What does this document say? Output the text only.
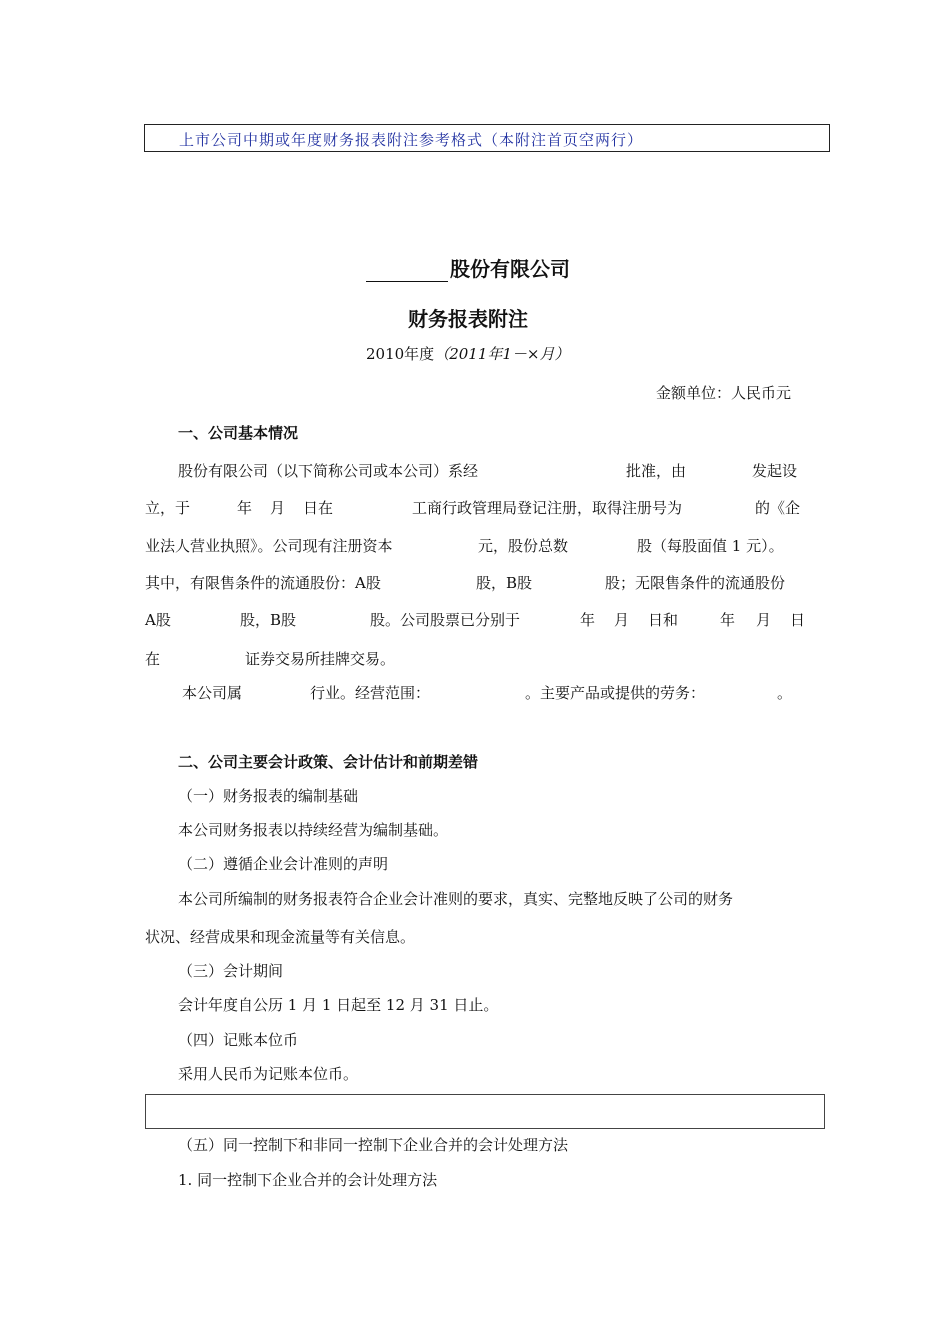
上市公司中期或年度财务报表附注参考格式（本附注首页空两行）
股份有限公司
财务报表附注
2010年度（2011年1－×月）
金额单位：人民币元
一、公司基本情况
股份有限公司（以下简称公司或本公司）系经	批准，由	发起设
立，于	年 月 日在	工商行政管理局登记注册，取得注册号为	的《企
业法人营业执照》。公司现有注册资本	元，股份总数	股（每股面值 1 元）。
其中，有限售条件的流通股份：A股	股，B股	股；无限售条件的流通股份
A股	股，B股	股。公司股票已分别于	年 月 日和	年 月 日
在	证券交易所挂牌交易。
本公司属	行业。经营范围：	。主要产品或提供的劳务：	。
二、公司主要会计政策、会计估计和前期差错
（一）财务报表的编制基础
本公司财务报表以持续经营为编制基础。
（二）遵循企业会计准则的声明
本公司所编制的财务报表符合企业会计准则的要求，真实、完整地反映了公司的财务
状况、经营成果和现金流量等有关信息。
（三）会计期间
会计年度自公历 1 月 1 日起至 12 月 31 日止。
（四）记账本位币
采用人民币为记账本位币。
（五）同一控制下和非同一控制下企业合并的会计处理方法
1. 同一控制下企业合并的会计处理方法
